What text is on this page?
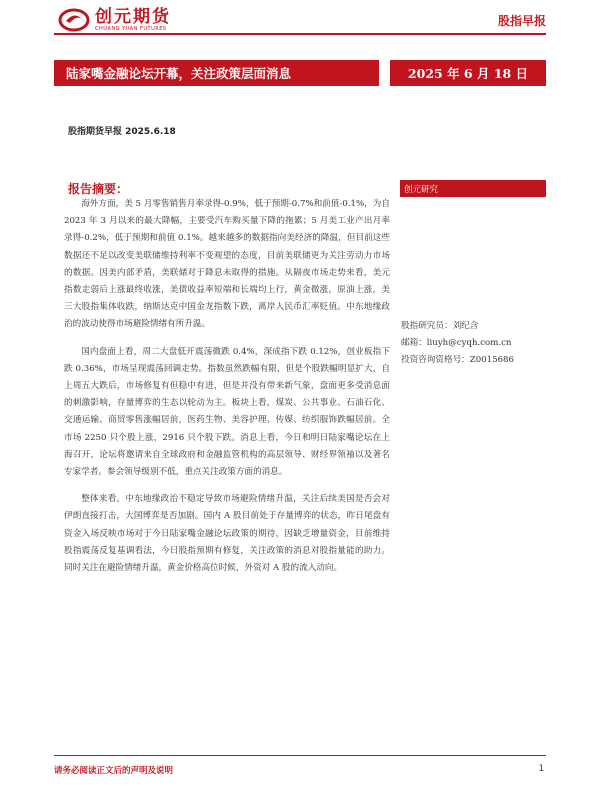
创元期货
CHUANG YUAN FUTURES
股指早报
陆家嘴金融论坛开幕，关注政策层面消息	2025 年 6 月 18 日
股指期货早报 2025.6.18
报告摘要：

海外方面，美 5 月零售销售月率录得-0.9%，低于预期-0.7%和前值-0.1%，为自 2023 年 3 月以来的最大降幅，主要受汽车购买量下降的拖累；5 月美工业产出月率录得-0.2%，低于预期和前值 0.1%。越来越多的数据指向美经济的降温，但目前这些数据还不足以改变美联储维持利率不变观望的态度，目前美联储更为关注劳动力市场的数据。因美内部矛盾，美联储对于降息未取得的措施。从隔夜市场走势来看，美元指数走弱后上涨最终收涨，美债收益率短端和长端均上行，黄金微涨，原油上涨，美三大股指集体收跌，纳斯达克中国金龙指数下跌，离岸人民币汇率贬值。中东地缘政治的波动使得市场避险情绪有所升温。

国内盘面上看，周二大盘低开震荡微跌 0.4%，深成指下跌 0.12%，创业板指下跌 0.36%，市场呈现震荡回调走势。指数虽然跌幅有限，但是个股跌幅明显扩大，自上周五大跌后，市场修复有但稳中有进，但是并没有带来新气象，盘面更多受消息面的刺激影响，存量博弈的生态以轮动为主。板块上看，煤炭、公共事业、石油石化、交通运输、商贸零售涨幅居前，医药生物、美容护理、传媒、纺织服饰跌幅居前。全市场 2250 只个股上涨，2916 只个股下跌。消息上看，今日和明日陆家嘴论坛在上海召开，论坛将邀请来自全球政府和金融监管机构的高层领导、财经界领袖以及著名专家学者。参会领导级别不低，重点关注政策方面的消息。

整体来看，中东地缘政治不稳定导致市场避险情绪升温，关注后续美国是否会对伊朗直接打击，大国博弈是否加剧。国内 A 股目前处于存量博弈的状态，昨日尾盘有资金入场反映市场对于今日陆家嘴金融论坛政策的期待，因缺乏增量资金，目前维持股指震荡反复基调看法，今日股指预期有修复，关注政策的消息对股指量能的助力。同时关注在避险情绪升温，黄金价格高位时候，外资对 A 股的流入动向。

创元研究
股指研究员：刘纪含
邮箱：liuyh@cyqh.com.cn
投资咨询资格号：Z0015686
请务必阅读正文后的声明及说明	1
